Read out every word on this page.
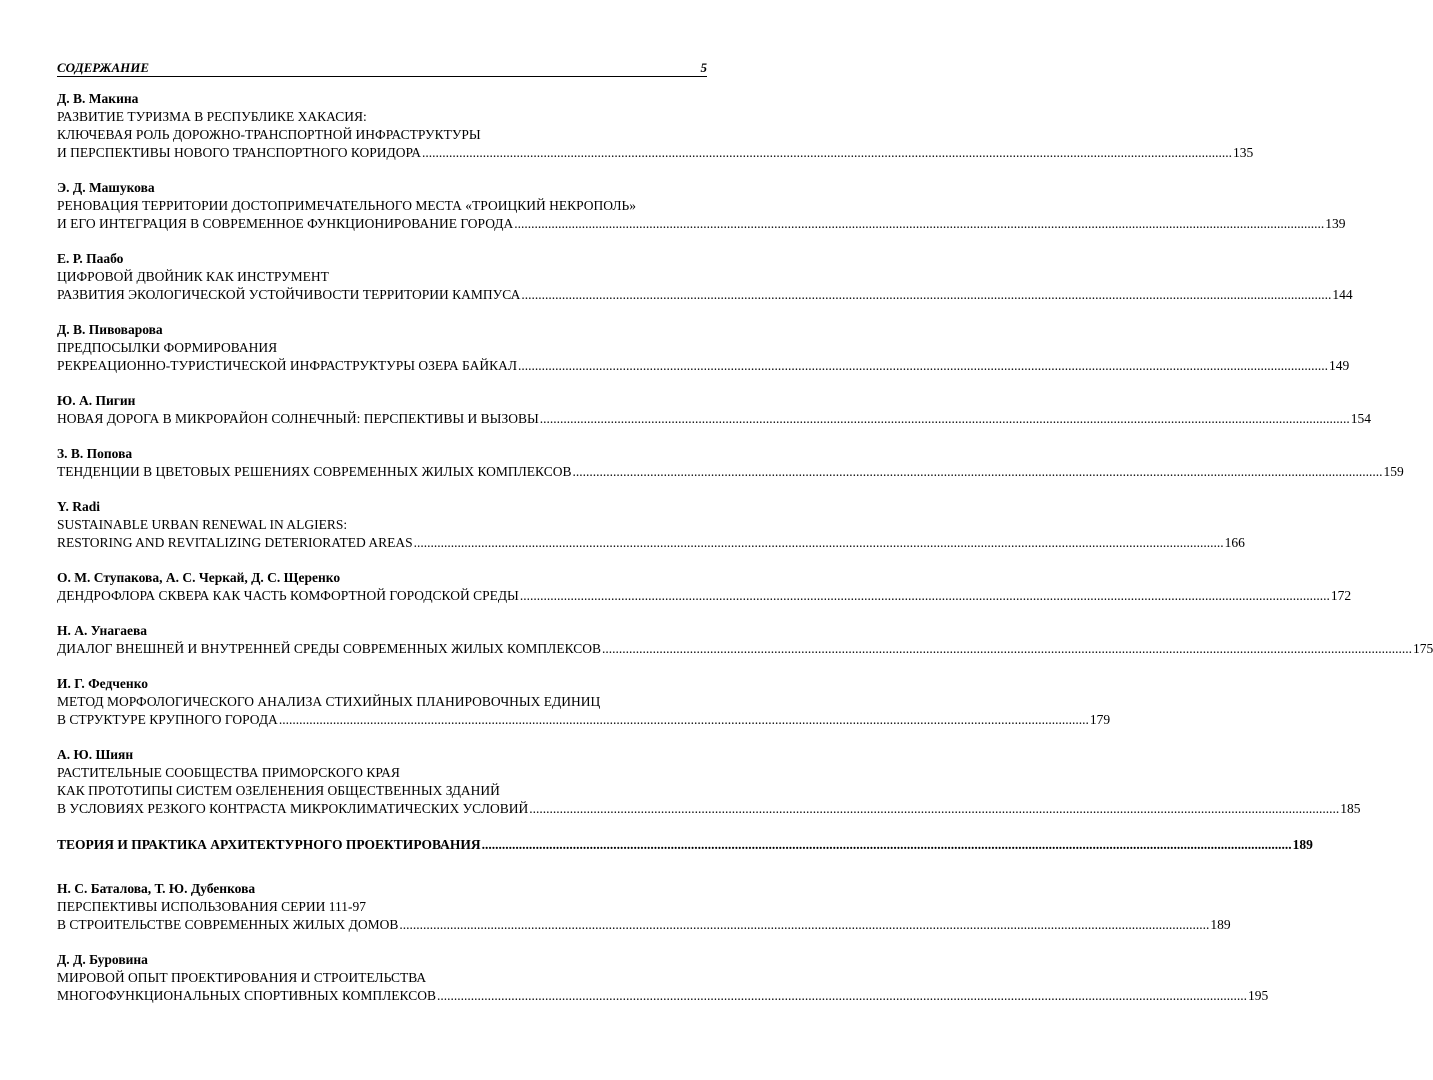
СОДЕРЖАНИЕ	5
Д. В. Макина
РАЗВИТИЕ ТУРИЗМА В РЕСПУБЛИКЕ ХАКАСИЯ:
КЛЮЧЕВАЯ РОЛЬ ДОРОЖНО-ТРАНСПОРТНОЙ ИНФРАСТРУКТУРЫ
И ПЕРСПЕКТИВЫ НОВОГО ТРАНСПОРТНОГО КОРИДОРА .....	135
Э. Д. Машукова
РЕНОВАЦИЯ ТЕРРИТОРИИ ДОСТОПРИМЕЧАТЕЛЬНОГО МЕСТА «ТРОИЦКИЙ НЕКРОПОЛЬ»
И ЕГО ИНТЕГРАЦИЯ В СОВРЕМЕННОЕ ФУНКЦИОНИРОВАНИЕ ГОРОДА .....	139
Е. Р. Паабо
ЦИФРОВОЙ ДВОЙНИК КАК ИНСТРУМЕНТ
РАЗВИТИЯ ЭКОЛОГИЧЕСКОЙ УСТОЙЧИВОСТИ ТЕРРИТОРИИ КАМПУСА .....	144
Д. В. Пивоварова
ПРЕДПОСЫЛКИ ФОРМИРОВАНИЯ
РЕКРЕАЦИОННО-ТУРИСТИЧЕСКОЙ ИНФРАСТРУКТУРЫ ОЗЕРА БАЙКАЛ .....	149
Ю. А. Пигин
НОВАЯ ДОРОГА В МИКРОРАЙОН СОЛНЕЧНЫЙ: ПЕРСПЕКТИВЫ И ВЫЗОВЫ .....	154
З. В. Попова
ТЕНДЕНЦИИ В ЦВЕТОВЫХ РЕШЕНИЯХ СОВРЕМЕННЫХ ЖИЛЫХ КОМПЛЕКСОВ .....	159
Y. Radi
SUSTAINABLE URBAN RENEWAL IN ALGIERS:
RESTORING AND REVITALIZING DETERIORATED AREAS .....	166
О. М. Ступакова, А. С. Черкай, Д. С. Щеренко
ДЕНДРОФЛОРА СКВЕРА КАК ЧАСТЬ КОМФОРТНОЙ ГОРОДСКОЙ СРЕДЫ .....	172
Н. А. Унагаева
ДИАЛОГ ВНЕШНЕЙ И ВНУТРЕННЕЙ СРЕДЫ СОВРЕМЕННЫХ ЖИЛЫХ КОМПЛЕКСОВ .....	175
И. Г. Федченко
МЕТОД МОРФОЛОГИЧЕСКОГО АНАЛИЗА СТИХИЙНЫХ ПЛАНИРОВОЧНЫХ ЕДИНИЦ
В СТРУКТУРЕ КРУПНОГО ГОРОДА .....	179
А. Ю. Шиян
РАСТИТЕЛЬНЫЕ СООБЩЕСТВА ПРИМОРСКОГО КРАЯ
КАК ПРОТОТИПЫ СИСТЕМ ОЗЕЛЕНЕНИЯ ОБЩЕСТВЕННЫХ ЗДАНИЙ
В УСЛОВИЯХ РЕЗКОГО КОНТРАСТА МИКРОКЛИМАТИЧЕСКИХ УСЛОВИЙ .....	185
ТЕОРИЯ И ПРАКТИКА АРХИТЕКТУРНОГО ПРОЕКТИРОВАНИЯ .....	189
Н. С. Баталова, Т. Ю. Дубенкова
ПЕРСПЕКТИВЫ ИСПОЛЬЗОВАНИЯ СЕРИИ 111-97
В СТРОИТЕЛЬСТВЕ СОВРЕМЕННЫХ ЖИЛЫХ ДОМОВ .....	189
Д. Д. Буровина
МИРОВОЙ ОПЫТ ПРОЕКТИРОВАНИЯ И СТРОИТЕЛЬСТВА
МНОГОФУНКЦИОНАЛЬНЫХ СПОРТИВНЫХ КОМПЛЕКСОВ .....	195
